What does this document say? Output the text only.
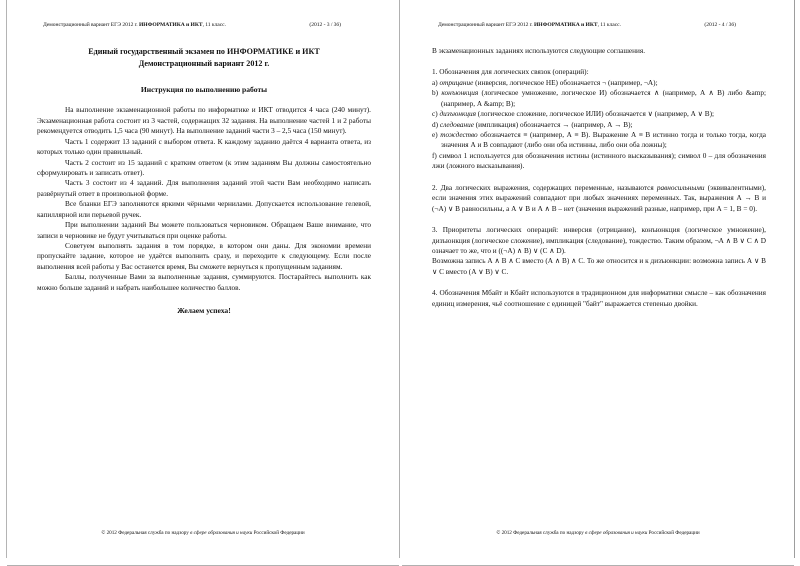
Демонстрационный вариант ЕГЭ 2012 г. ИНФОРМАТИКА и ИКТ, 11 класс.	(2012 - 3 / 36)
Единый государственный экзамен по ИНФОРМАТИКЕ и ИКТ
Демонстрационный вариант 2012 г.
Инструкция по выполнению работы

На выполнение экзаменационной работы по информатике и ИКТ отводится 4 часа (240 минут). Экзаменационная работа состоит из 3 частей, содержащих 32 задания. На выполнение частей 1 и 2 работы рекомендуется отводить 1,5 часа (90 минут). На выполнение заданий части 3 – 2,5 часа (150 минут).

Часть 1 содержит 13 заданий с выбором ответа. К каждому заданию даётся 4 варианта ответа, из которых только один правильный.

Часть 2 состоит из 15 заданий с кратким ответом (к этим заданиям Вы должны самостоятельно сформулировать и записать ответ).

Часть 3 состоит из 4 заданий. Для выполнения заданий этой части Вам необходимо написать развёрнутый ответ в произвольной форме.

Все бланки ЕГЭ заполняются яркими чёрными чернилами. Допускается использование гелевой, капиллярной или перьевой ручек.

При выполнении заданий Вы можете пользоваться черновиком. Обращаем Ваше внимание, что записи в черновике не будут учитываться при оценке работы.

Советуем выполнять задания в том порядке, в котором они даны. Для экономии времени пропускайте задание, которое не удаётся выполнить сразу, и переходите к следующему. Если после выполнения всей работы у Вас останется время, Вы сможете вернуться к пропущенным заданиям.

Баллы, полученные Вами за выполненные задания, суммируются. Постарайтесь выполнить как можно больше заданий и набрать наибольшее количество баллов.

Желаем успеха!

© 2012 Федеральная служба по надзору в сфере образования и науки Российской Федерации
Демонстрационный вариант ЕГЭ 2012 г. ИНФОРМАТИКА и ИКТ, 11 класс.	(2012 - 4 / 36)

В экзаменационных заданиях используются следующие соглашения.

1. Обозначения для логических связок (операций):

a) отрицание (инверсия, логическое НЕ) обозначается ¬ (например, ¬А);

b) конъюнкция (логическое умножение, логическое И) обозначается ∧ (например, А ∧ В) либо &amp; (например, А &amp; В);

c) дизъюнкция (логическое сложение, логическое ИЛИ) обозначается ∨ (например, А ∨ В);

d) следование (импликация) обозначается → (например, А → В);

e) тождество обозначается ≡ (например, А ≡ В). Выражение А ≡ В истинно тогда и только тогда, когда значения А и В совпадают (либо они оба истинны, либо они оба ложны);

f) символ 1 используется для обозначения истины (истинного высказывания); символ 0 – для обозначения лжи (ложного высказывания).

2. Два логических выражения, содержащих переменные, называются равносильными (эквивалентными), если значения этих выражений совпадают при любых значениях переменных. Так, выражения А → В и (¬А) ∨ В равносильны, а А ∨ В и А ∧ В – нет (значения выражений разные, например, при А = 1, В = 0).

3. Приоритеты логических операций: инверсия (отрицание), конъюнкция (логическое умножение), дизъюнкция (логическое сложение), импликация (следование), тождество. Таким образом, ¬А ∧ В ∨ С ∧ D означает то же, что и ((¬А) ∧ В) ∨ (С ∧ D).

Возможна запись А ∧ В ∧ С вместо (А ∧ В) ∧ С. То же относится и к дизъюнкции: возможна запись А ∨ В ∨ С вместо (А ∨ В) ∨ С.

4. Обозначения Мбайт и Кбайт используются в традиционном для информатики смысле – как обозначения единиц измерения, чьё соотношение с единицей "байт" выражается степенью двойки.

© 2012 Федеральная служба по надзору в сфере образования и науки Российской Федерации
